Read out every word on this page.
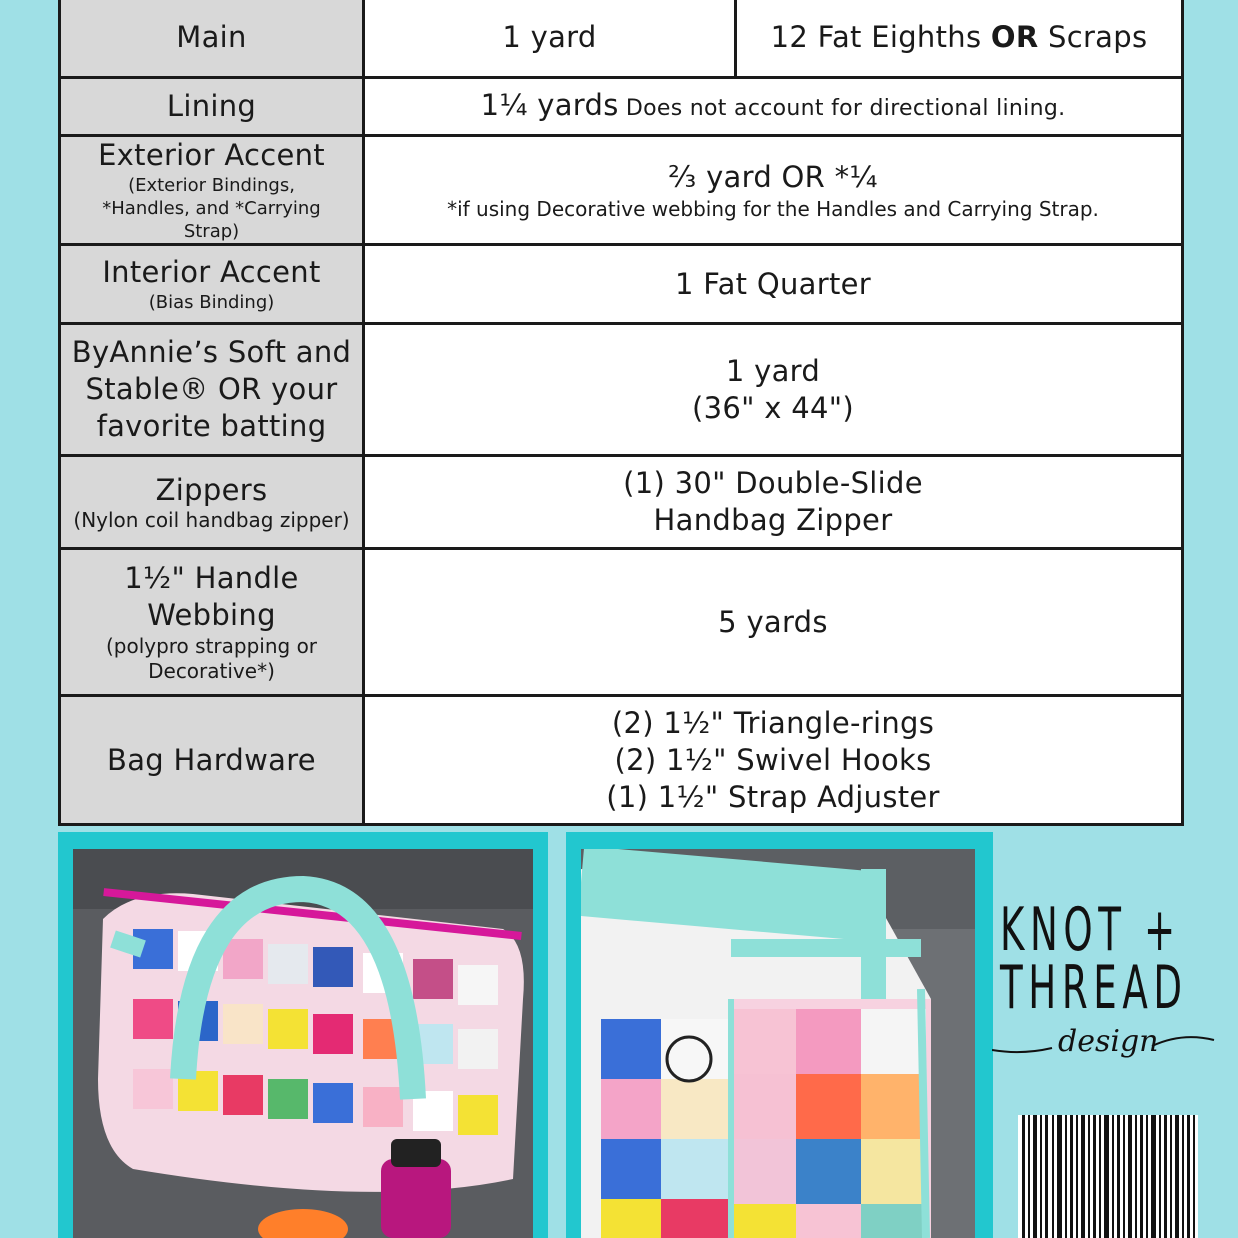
Main	1 yard	12 Fat Eighths OR Scraps

Lining	1¼ yards Does not account for directional lining.	

Exterior Accent
(Exterior Bindings, *Handles, and *Carrying Strap)	⅔ yard OR *¼
*if using Decorative webbing for the Handles and Carrying Strap.	

Interior Accent
(Bias Binding)	1 Fat Quarter	

ByAnnie’s Soft and
Stable® OR your
favorite batting	1 yard
(36" x 44")	

Zippers
(Nylon coil handbag zipper)	(1) 30" Double-Slide
Handbag Zipper	

1½" Handle
Webbing
(polypro strapping or
Decorative*)	5 yards	

Bag Hardware	(2) 1½" Triangle-rings
(2) 1½" Swivel Hooks
(1) 1½" Strap Adjuster	
KNOT +
THREAD
design
